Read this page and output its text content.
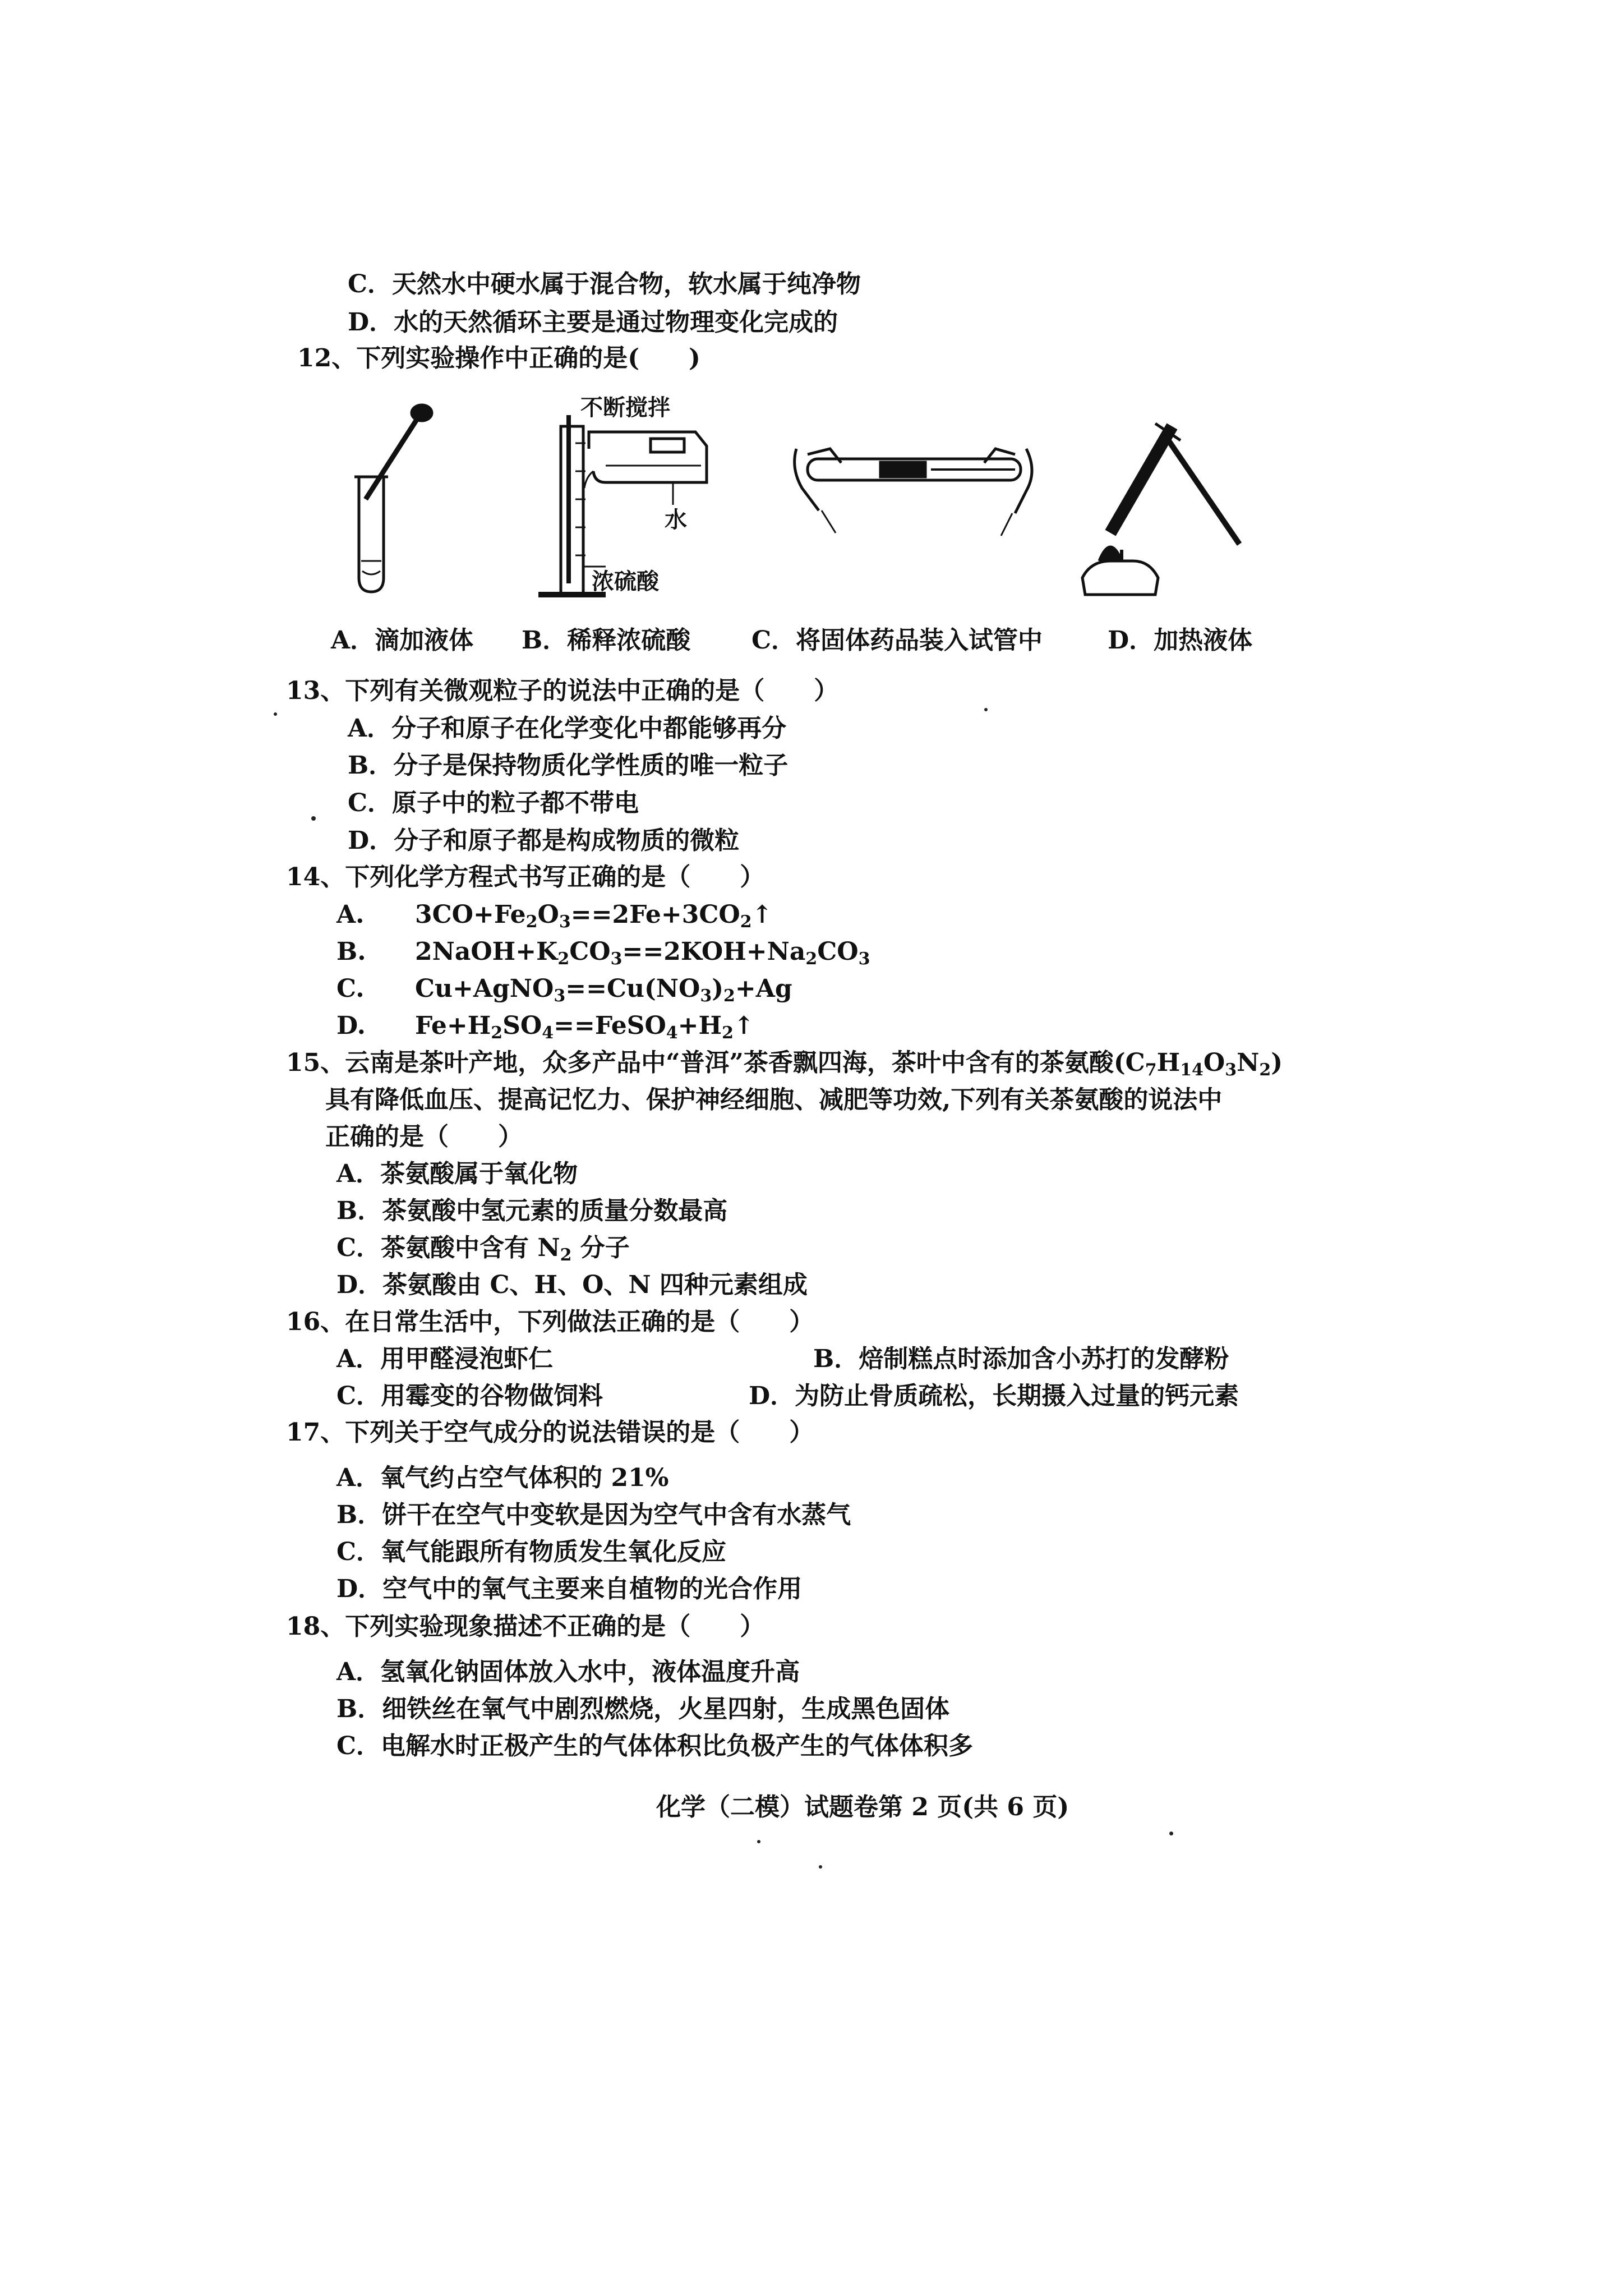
C．天然水中硬水属于混合物，软水属于纯净物
D．水的天然循环主要是通过物理变化完成的
12、下列实验操作中正确的是(　　)
不断搅拌
水
浓硫酸
A．滴加液体 B．稀释浓硫酸 C．将固体药品装入试管中	D．加热液体
13、下列有关微观粒子的说法中正确的是（　　）
A．分子和原子在化学变化中都能够再分
B．分子是保持物质化学性质的唯一粒子
C．原子中的粒子都不带电
D．分子和原子都是构成物质的微粒
14、下列化学方程式书写正确的是（　　）
A. $3CO+Fe_2O_3==2Fe+3CO_2↑$
B. $2NaOH+K_2CO_3==2KOH+Na_2CO_3$
C. $Cu+AgNO_3==Cu(NO_3)_2+Ag$
D. $Fe+H_2SO_4==FeSO_4+H_2↑$
15、云南是茶叶产地，众多产品中“普洱”茶香飘四海，茶叶中含有的茶氨酸$(C_7H_{14}O_3N_2)$
具有降低血压、提高记忆力、保护神经细胞、减肥等功效,下列有关茶氨酸的说法中
正确的是（　　）
A．茶氨酸属于氧化物
B．茶氨酸中氢元素的质量分数最高
C．茶氨酸中含有 $N_2$ 分子
D．茶氨酸由 C、H、O、N 四种元素组成
16、在日常生活中，下列做法正确的是（　　）
A．用甲醛浸泡虾仁	B．焙制糕点时添加含小苏打的发酵粉
C．用霉变的谷物做饲料	D．为防止骨质疏松，长期摄入过量的钙元素
17、下列关于空气成分的说法错误的是（　　）
A．氧气约占空气体积的 21%
B．饼干在空气中变软是因为空气中含有水蒸气
C．氧气能跟所有物质发生氧化反应
D．空气中的氧气主要来自植物的光合作用
18、下列实验现象描述不正确的是（　　）
A．氢氧化钠固体放入水中，液体温度升高
B．细铁丝在氧气中剧烈燃烧，火星四射，生成黑色固体
C．电解水时正极产生的气体体积比负极产生的气体体积多
化学（二模）试题卷第 2 页(共 6 页)
